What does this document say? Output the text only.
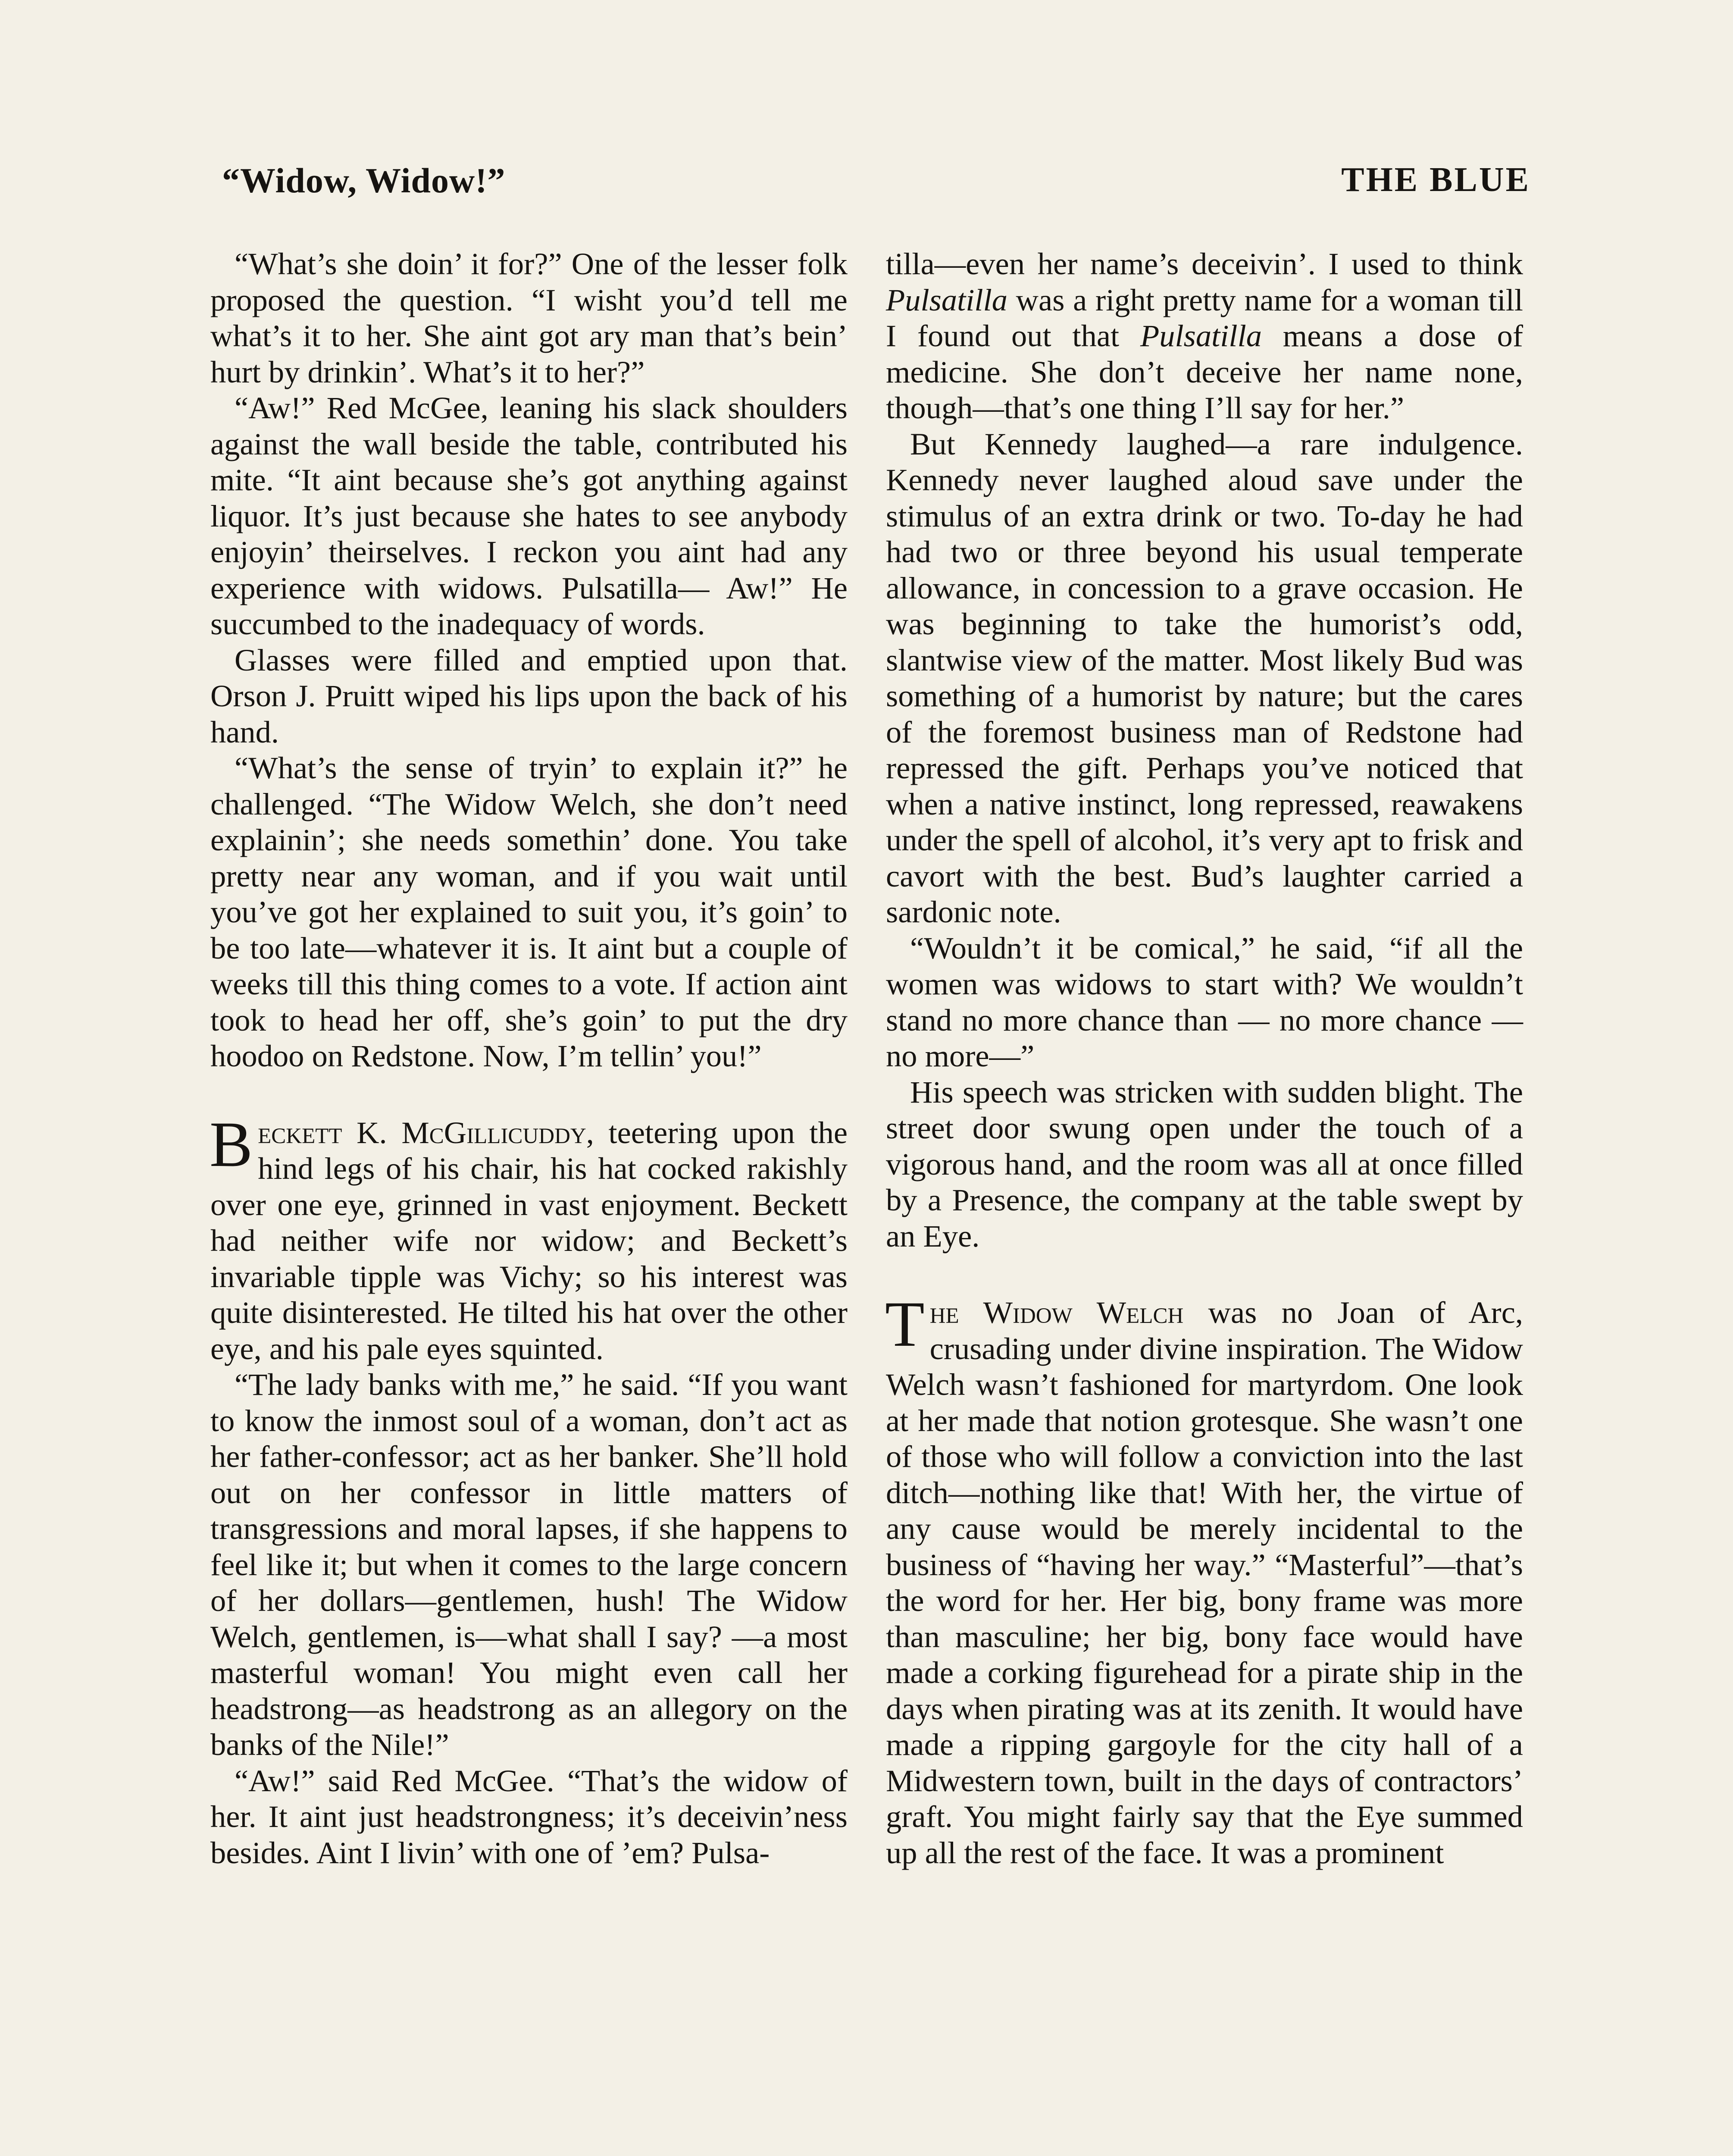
“Widow, Widow!”	THE BLUE

“What’s she doin’ it for?” One of the lesser folk proposed the question. “I wisht you’d tell me what’s it to her. She aint got ary man that’s bein’ hurt by drinkin’. What’s it to her?”

“Aw!” Red McGee, leaning his slack shoulders against the wall beside the table, contributed his mite. “It aint because she’s got anything against liquor. It’s just because she hates to see anybody enjoyin’ theirselves. I reckon you aint had any experience with widows. Pulsatilla— Aw!” He succumbed to the inadequacy of words.

Glasses were filled and emptied upon that. Orson J. Pruitt wiped his lips upon the back of his hand.

“What’s the sense of tryin’ to explain it?” he challenged. “The Widow Welch, she don’t need explainin’; she needs somethin’ done. You take pretty near any woman, and if you wait until you’ve got her explained to suit you, it’s goin’ to be too late—whatever it is. It aint but a couple of weeks till this thing comes to a vote. If action aint took to head her off, she’s goin’ to put the dry hoodoo on Redstone. Now, I’m tellin’ you!”

Beckett K. McGillicuddy, teetering upon the hind legs of his chair, his hat cocked rakishly over one eye, grinned in vast enjoyment. Beckett had neither wife nor widow; and Beckett’s invariable tipple was Vichy; so his interest was quite disinterested. He tilted his hat over the other eye, and his pale eyes squinted.

“The lady banks with me,” he said. “If you want to know the inmost soul of a woman, don’t act as her father-confessor; act as her banker. She’ll hold out on her confessor in little matters of transgressions and moral lapses, if she happens to feel like it; but when it comes to the large concern of her dollars—gentlemen, hush! The Widow Welch, gentlemen, is—what shall I say? —a most masterful woman! You might even call her headstrong—as headstrong as an allegory on the banks of the Nile!”

“Aw!” said Red McGee. “That’s the widow of her. It aint just headstrongness; it’s deceivin’ness besides. Aint I livin’ with one of ’em? Pulsa-

tilla—even her name’s deceivin’. I used to think Pulsatilla was a right pretty name for a woman till I found out that Pulsatilla means a dose of medicine. She don’t deceive her name none, though—that’s one thing I’ll say for her.”

But Kennedy laughed—a rare indulgence. Kennedy never laughed aloud save under the stimulus of an extra drink or two. To-day he had had two or three beyond his usual temperate allowance, in concession to a grave occasion. He was beginning to take the humorist’s odd, slantwise view of the matter. Most likely Bud was something of a humorist by nature; but the cares of the foremost business man of Redstone had repressed the gift. Perhaps you’ve noticed that when a native instinct, long repressed, reawakens under the spell of alcohol, it’s very apt to frisk and cavort with the best. Bud’s laughter carried a sardonic note.

“Wouldn’t it be comical,” he said, “if all the women was widows to start with? We wouldn’t stand no more chance than — no more chance — no more—”

His speech was stricken with sudden blight. The street door swung open under the touch of a vigorous hand, and the room was all at once filled by a Presence, the company at the table swept by an Eye.

The Widow Welch was no Joan of Arc, crusading under divine inspiration. The Widow Welch wasn’t fashioned for martyrdom. One look at her made that notion grotesque. She wasn’t one of those who will follow a conviction into the last ditch—nothing like that! With her, the virtue of any cause would be merely incidental to the business of “having her way.” “Masterful”—that’s the word for her. Her big, bony frame was more than masculine; her big, bony face would have made a corking figurehead for a pirate ship in the days when pirating was at its zenith. It would have made a ripping gargoyle for the city hall of a Midwestern town, built in the days of contractors’ graft. You might fairly say that the Eye summed up all the rest of the face. It was a prominent
